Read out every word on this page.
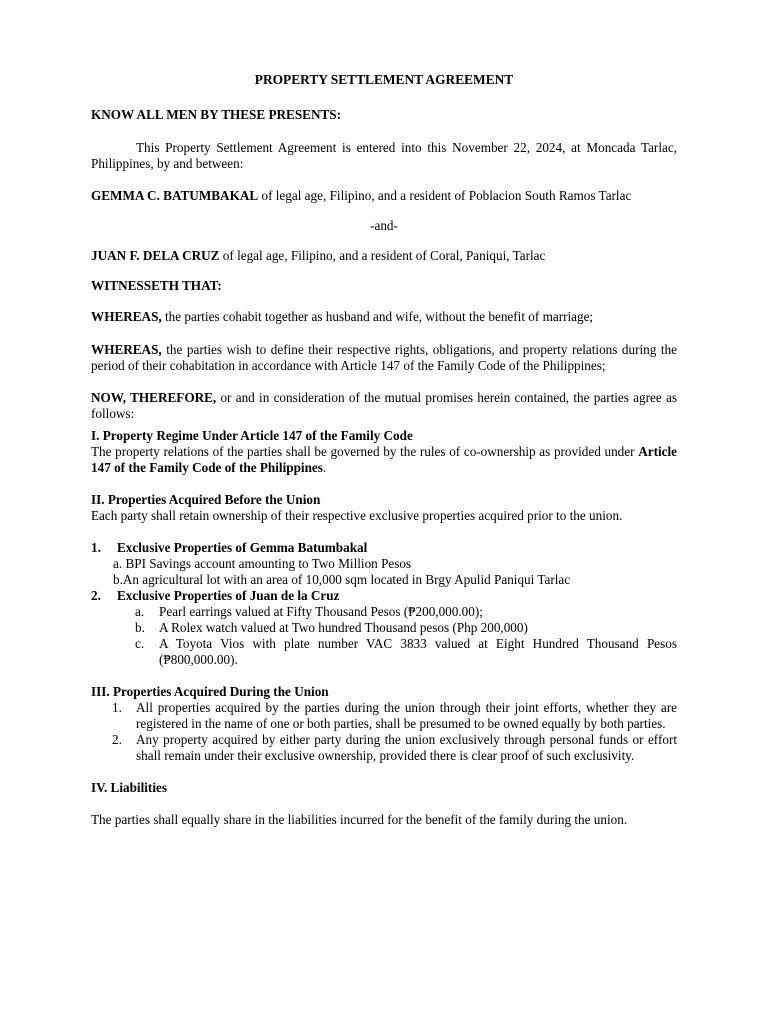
PROPERTY SETTLEMENT AGREEMENT

KNOW ALL MEN BY THESE PRESENTS:

This Property Settlement Agreement is entered into this November 22, 2024, at Moncada Tarlac, Philippines, by and between:

GEMMA C. BATUMBAKAL of legal age, Filipino, and a resident of Poblacion South Ramos Tarlac

-and-

JUAN F. DELA CRUZ of legal age, Filipino, and a resident of Coral, Paniqui, Tarlac

WITNESSETH THAT:

WHEREAS, the parties cohabit together as husband and wife, without the benefit of marriage;

WHEREAS, the parties wish to define their respective rights, obligations, and property relations during the period of their cohabitation in accordance with Article 147 of the Family Code of the Philippines;

NOW, THEREFORE, or and in consideration of the mutual promises herein contained, the parties agree as follows:

I. Property Regime Under Article 147 of the Family Code

The property relations of the parties shall be governed by the rules of co-ownership as provided under Article 147 of the Family Code of the Philippines.

II. Properties Acquired Before the Union

Each party shall retain ownership of their respective exclusive properties acquired prior to the union.

1.	Exclusive Properties of Gemma Batumbakal

a. BPI Savings account amounting to Two Million Pesos

b.An agricultural lot with an area of 10,000 sqm located in Brgy Apulid Paniqui Tarlac

2.	Exclusive Properties of Juan de la Cruz
a.	Pearl earrings valued at Fifty Thousand Pesos (₱200,000.00);
b.	A Rolex watch valued at Two hundred Thousand pesos (Php 200,000)
c.	A Toyota Vios with plate number VAC 3833 valued at Eight Hundred Thousand Pesos (₱800,000.00).

III. Properties Acquired During the Union

1.	All properties acquired by the parties during the union through their joint efforts, whether they are registered in the name of one or both parties, shall be presumed to be owned equally by both parties.
2.	Any property acquired by either party during the union exclusively through personal funds or effort shall remain under their exclusive ownership, provided there is clear proof of such exclusivity.

IV. Liabilities

The parties shall equally share in the liabilities incurred for the benefit of the family during the union.
